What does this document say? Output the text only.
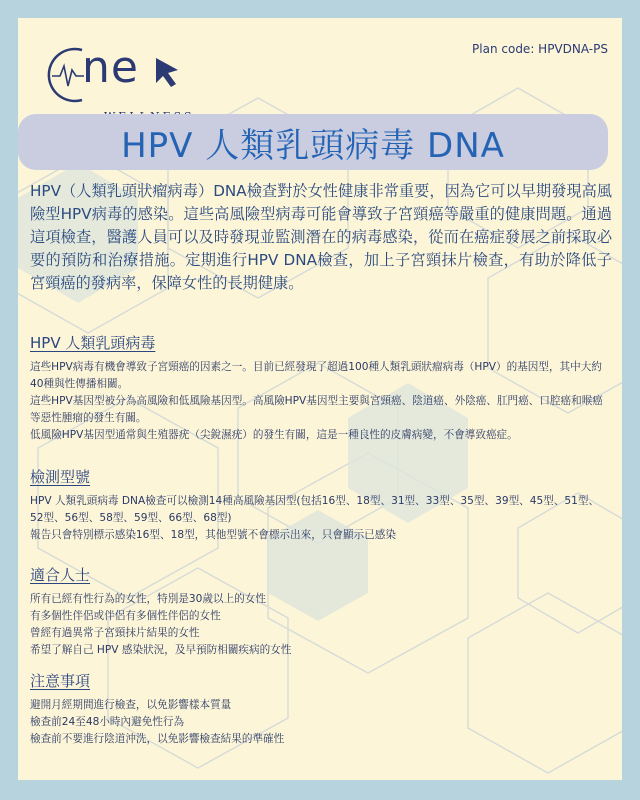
ne	Plan code: HPVDNA-PS
HPV 人類乳頭病毒 DNA
HPV（人類乳頭狀瘤病毒）DNA檢查對於女性健康非常重要，因為它可以早期發現高風險型HPV病毒的感染。這些高風險型病毒可能會導致子宮頸癌等嚴重的健康問題。通過這項檢查，醫護人員可以及時發現並監測潛在的病毒感染，從而在癌症發展之前採取必要的預防和治療措施。定期進行HPV DNA檢查，加上子宮頸抹片檢查，有助於降低子宮頸癌的發病率，保障女性的長期健康。
HPV 人類乳頭病毒

這些HPV病毒有機會導致子宮頸癌的因素之一。目前已經發現了超過100種人類乳頭狀瘤病毒（HPV）的基因型，其中大約40種與性傳播相關。

這些HPV基因型被分為高風險和低風險基因型。高風險HPV基因型主要與宮頸癌、陰道癌、外陰癌、肛門癌、口腔癌和喉癌等惡性腫瘤的發生有關。

低風險HPV基因型通常與生殖器疣（尖銳濕疣）的發生有關，這是一種良性的皮膚病變，不會導致癌症。

檢測型號

HPV 人類乳頭病毒 DNA檢查可以檢測14種高風險基因型(包括16型、18型、31型、33型、35型、39型、45型、51型、52型、56型、58型、59型、66型、68型)

報告只會特別標示感染16型、18型，其他型號不會標示出來，只會顯示已感染

適合人士

所有已經有性行為的女性，特別是30歲以上的女性

有多個性伴侶或伴侶有多個性伴侶的女性

曾經有過異常子宮頸抹片結果的女性

希望了解自己 HPV 感染狀況，及早預防相關疾病的女性

注意事項

避開月經期間進行檢查，以免影響樣本質量

檢查前24至48小時內避免性行為

檢查前不要進行陰道沖洗，以免影響檢查結果的準確性
